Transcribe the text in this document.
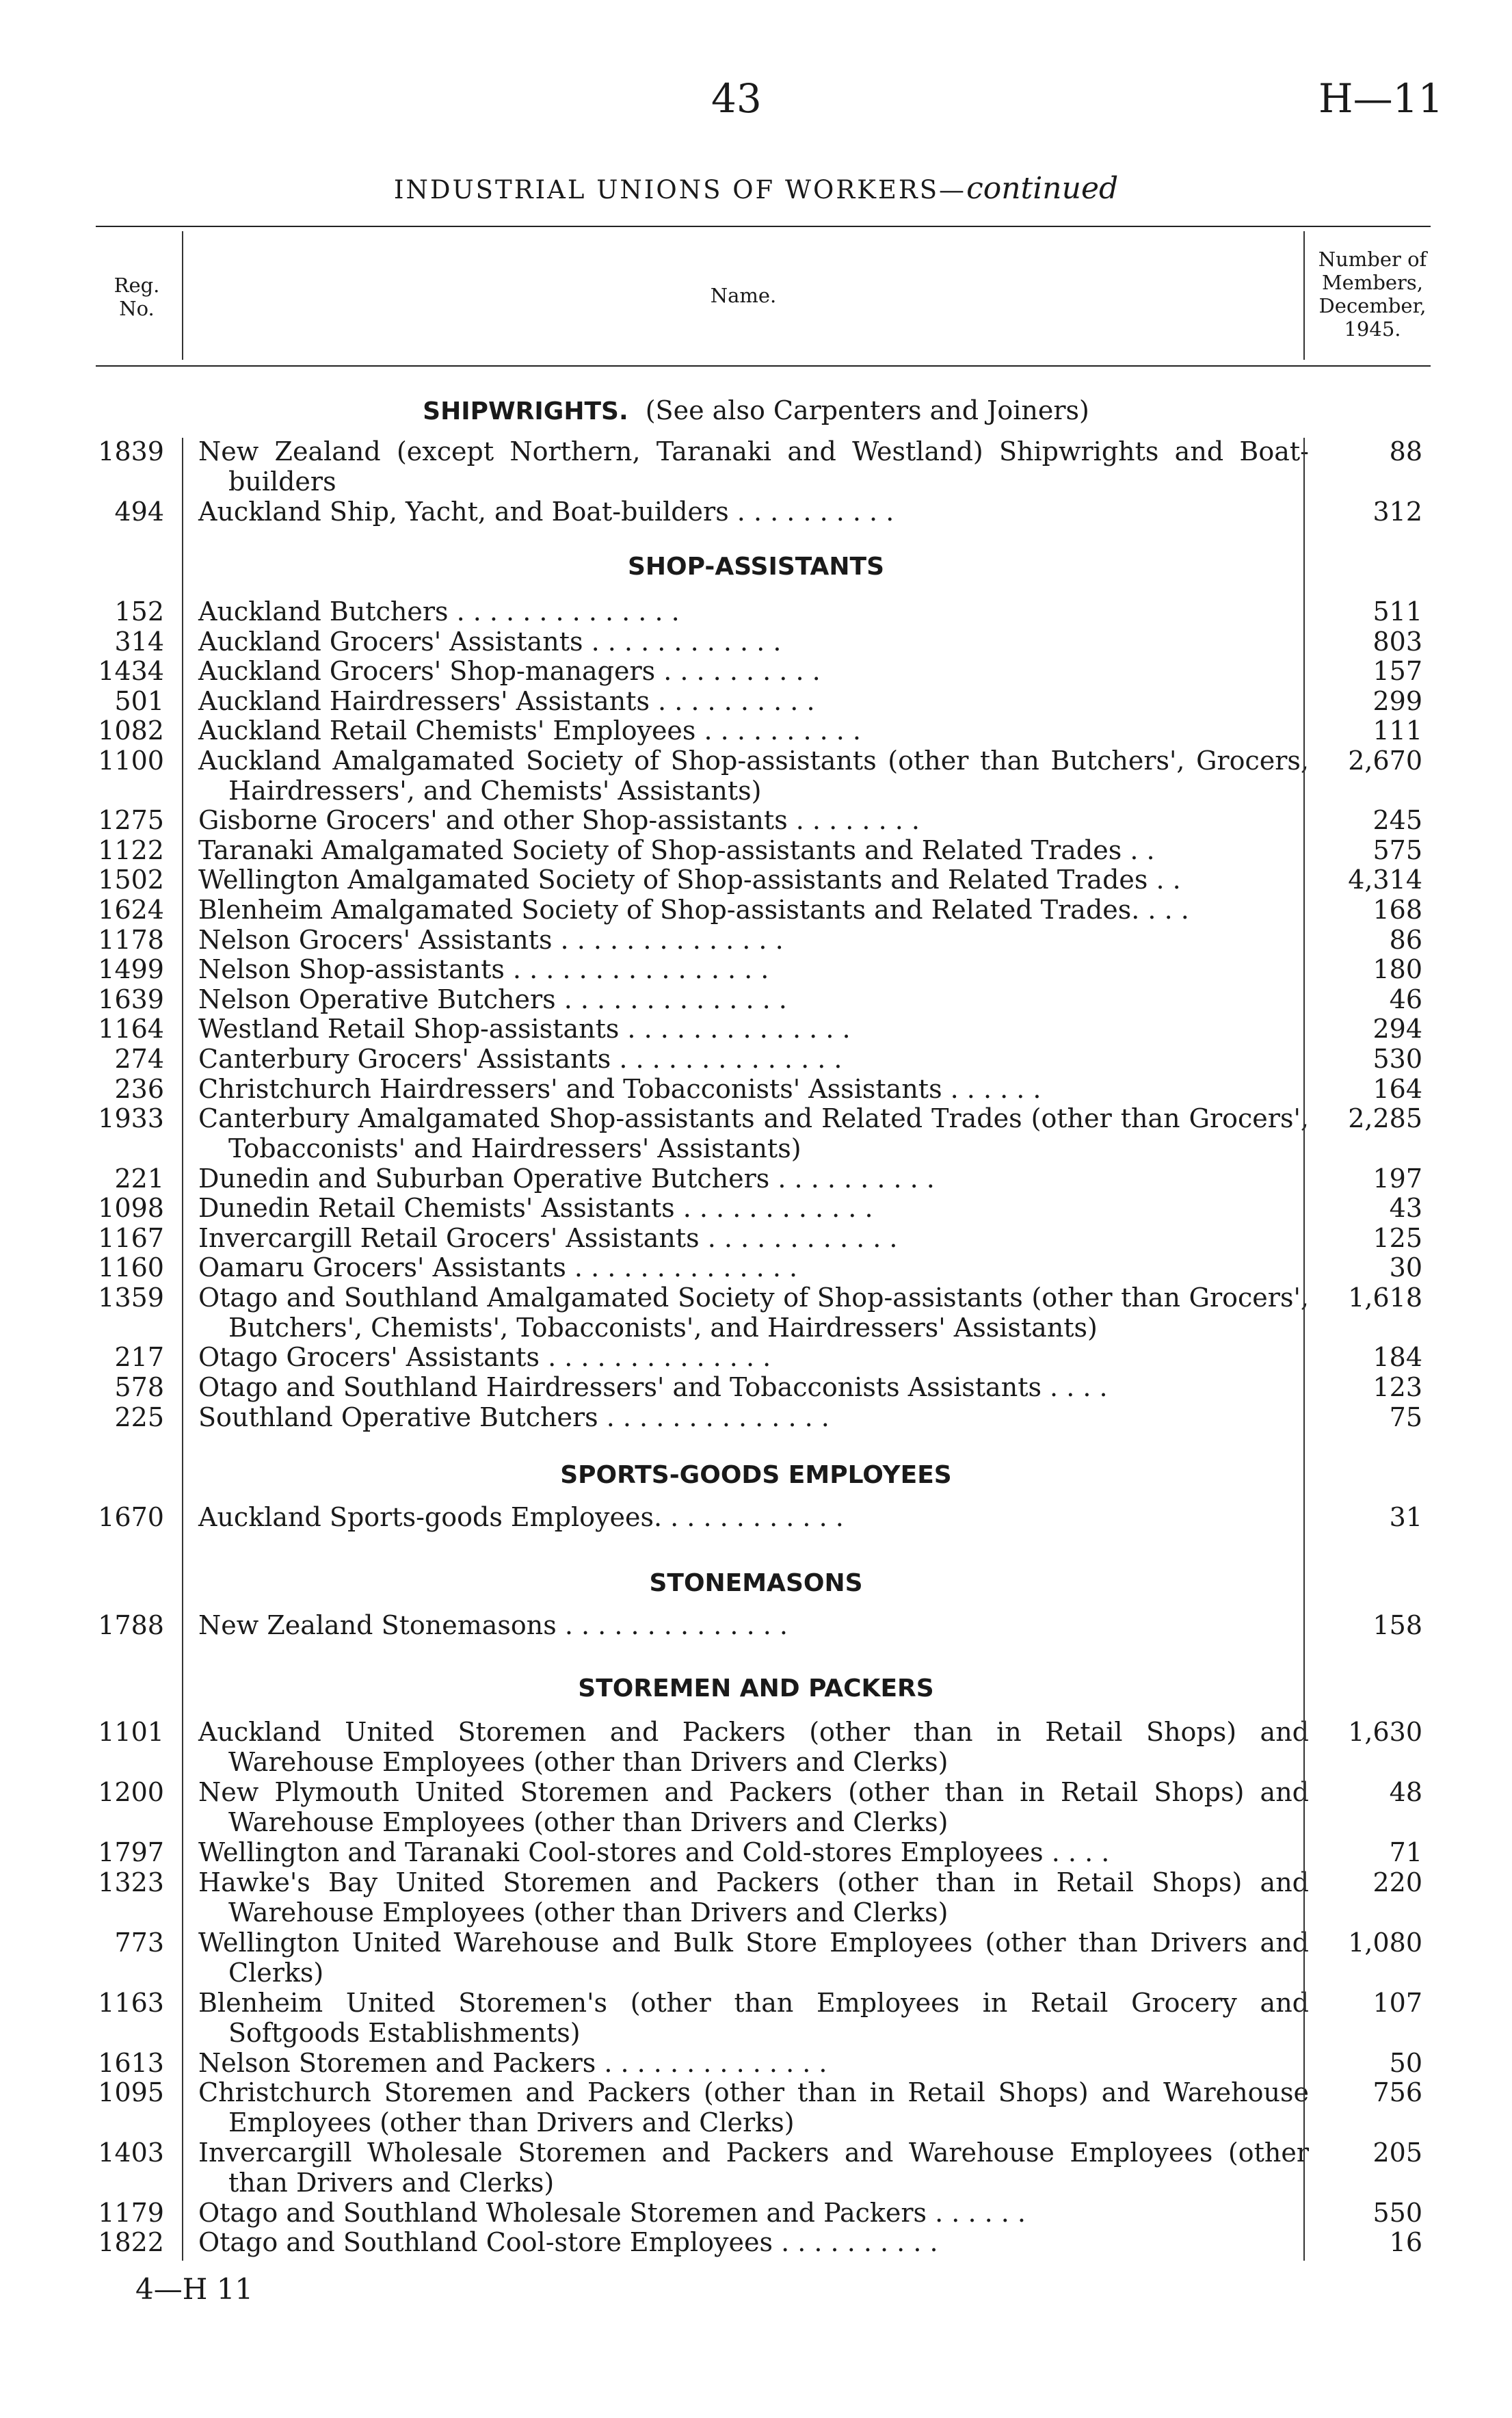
43	H—11
INDUSTRIAL UNIONS OF WORKERS—continued
Reg.
No.
Name.
Number of
Members,
December,
1945.
SHIPWRIGHTS. (See also Carpenters and Joiners)
1839 New Zealand (except Northern, Taranaki and Westland) Shipwrights and Boat-builders
88
494 Auckland Ship, Yacht, and Boat-builders . . . . . . . . . .	312
SHOP-ASSISTANTS
152 Auckland Butchers . . . . . . . . . . . . . .	511
314 Auckland Grocers' Assistants . . . . . . . . . . . .	803
1434 Auckland Grocers' Shop-managers . . . . . . . . . .	157
501 Auckland Hairdressers' Assistants . . . . . . . . . .	299
1082 Auckland Retail Chemists' Employees . . . . . . . . . .	111
1100 Auckland Amalgamated Society of Shop-assistants (other than Butchers', Grocers, Hairdressers', and Chemists' Assistants)
2,670
1275 Gisborne Grocers' and other Shop-assistants . . . . . . . .	245
1122 Taranaki Amalgamated Society of Shop-assistants and Related Trades . .	575
1502 Wellington Amalgamated Society of Shop-assistants and Related Trades . .	4,314
1624 Blenheim Amalgamated Society of Shop-assistants and Related Trades. . . .	168
1178 Nelson Grocers' Assistants . . . . . . . . . . . . . .	86
1499 Nelson Shop-assistants . . . . . . . . . . . . . . . .	180
1639 Nelson Operative Butchers . . . . . . . . . . . . . .	46
1164 Westland Retail Shop-assistants . . . . . . . . . . . . . .	294
274 Canterbury Grocers' Assistants . . . . . . . . . . . . . .	530
236 Christchurch Hairdressers' and Tobacconists' Assistants . . . . . .	164
1933 Canterbury Amalgamated Shop-assistants and Related Trades (other than Grocers', Tobacconists' and Hairdressers' Assistants)
2,285
221 Dunedin and Suburban Operative Butchers . . . . . . . . . .	197
1098 Dunedin Retail Chemists' Assistants . . . . . . . . . . . .	43
1167 Invercargill Retail Grocers' Assistants . . . . . . . . . . . .	125
1160 Oamaru Grocers' Assistants . . . . . . . . . . . . . .	30
1359 Otago and Southland Amalgamated Society of Shop-assistants (other than Grocers', Butchers', Chemists', Tobacconists', and Hairdressers' Assistants)
1,618
217 Otago Grocers' Assistants . . . . . . . . . . . . . .	184
578 Otago and Southland Hairdressers' and Tobacconists Assistants . . . .	123
225 Southland Operative Butchers . . . . . . . . . . . . . .	75
SPORTS-GOODS EMPLOYEES
1670 Auckland Sports-goods Employees. . . . . . . . . . . .	31
STONEMASONS
1788 New Zealand Stonemasons . . . . . . . . . . . . . .	158
STOREMEN AND PACKERS
1101 Auckland United Storemen and Packers (other than in Retail Shops) and Warehouse Employees (other than Drivers and Clerks)
1,630
1200 New Plymouth United Storemen and Packers (other than in Retail Shops) and Warehouse Employees (other than Drivers and Clerks)
48
1797 Wellington and Taranaki Cool-stores and Cold-stores Employees . . . .	71
1323 Hawke's Bay United Storemen and Packers (other than in Retail Shops) and Warehouse Employees (other than Drivers and Clerks)
220
773 Wellington United Warehouse and Bulk Store Employees (other than Drivers and Clerks)
1,080
1163 Blenheim United Storemen's (other than Employees in Retail Grocery and Softgoods Establishments)
107
1613 Nelson Storemen and Packers . . . . . . . . . . . . . .	50
1095 Christchurch Storemen and Packers (other than in Retail Shops) and Warehouse Employees (other than Drivers and Clerks)
756
1403 Invercargill Wholesale Storemen and Packers and Warehouse Employees (other than Drivers and Clerks)
205
1179 Otago and Southland Wholesale Storemen and Packers . . . . . .	550
1822 Otago and Southland Cool-store Employees . . . . . . . . . .	16
4—H 11
